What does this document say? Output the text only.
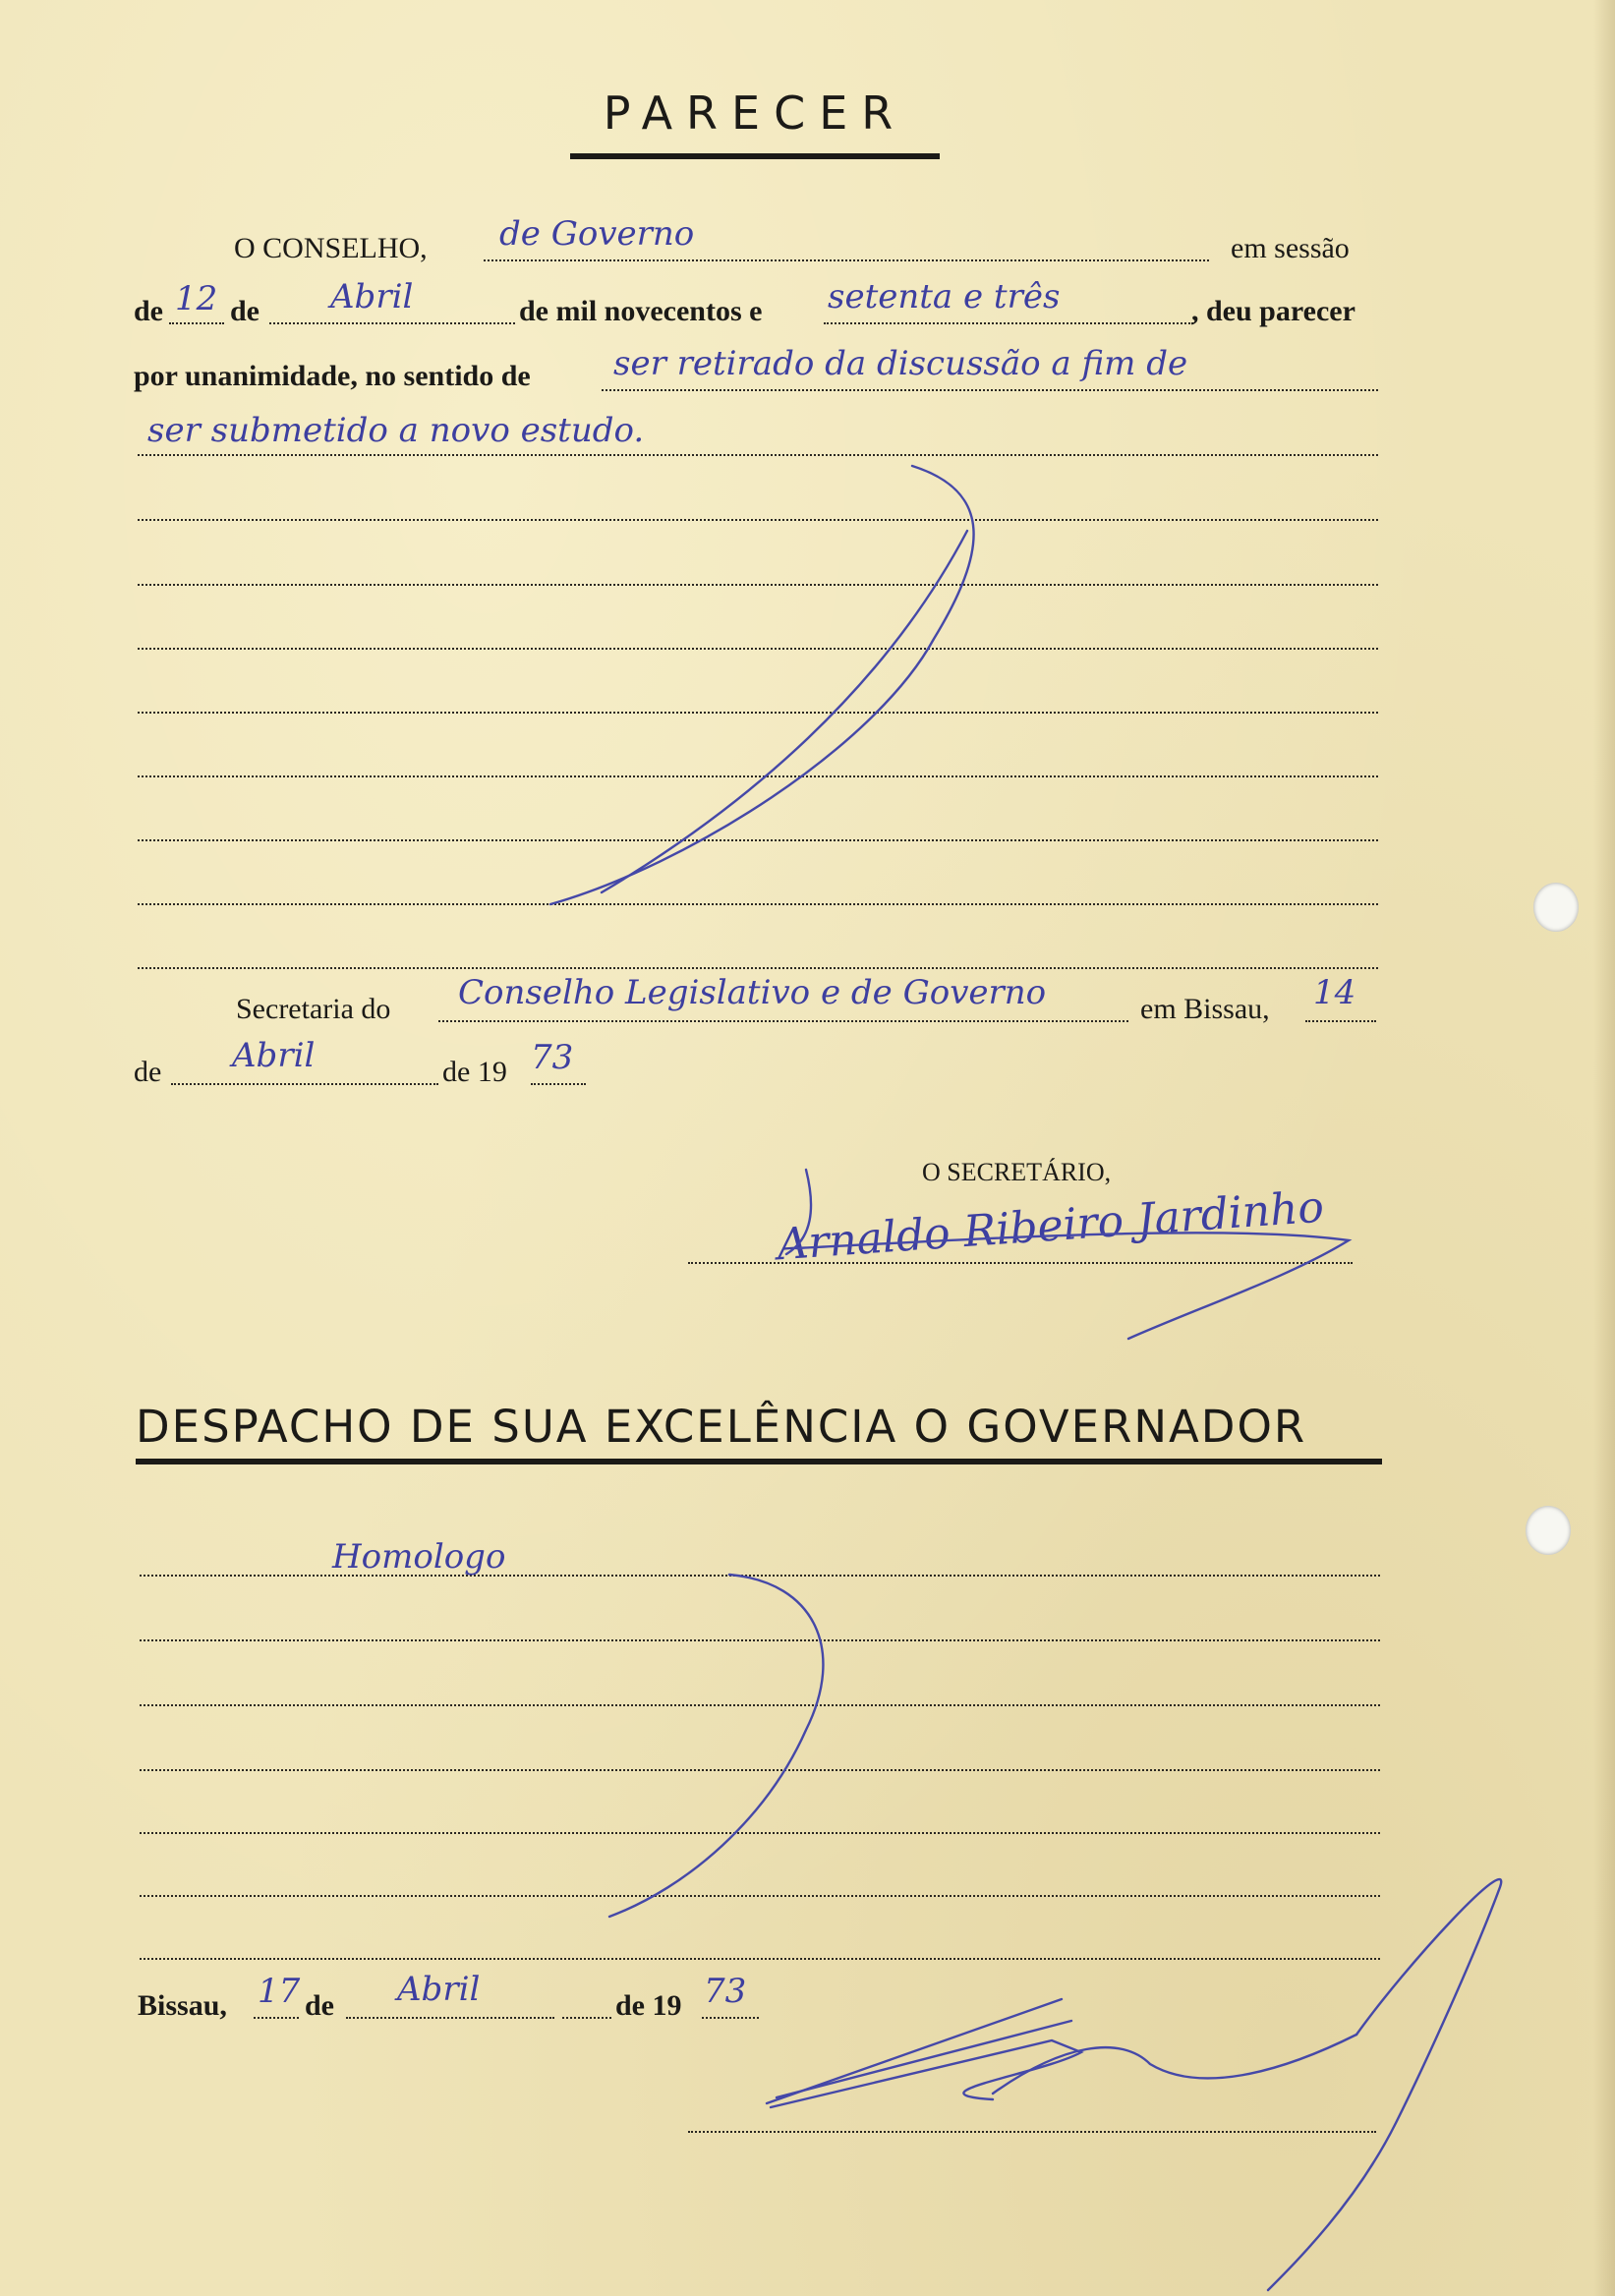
PARECER
O CONSELHO, de Governo	em sessão
de 12 de Abril	de mil novecentos e setenta e três	, deu parecer
por unanimidade, no sentido de ser retirado da discussão a fim de
ser submetido a novo estudo.
Secretaria do Conselho Legislativo e de Governo	em Bissau, 14
de Abril	de 19 73
O SECRETÁRIO,
Arnaldo Ribeiro Jardinho
DESPACHO DE SUA EXCELÊNCIA O GOVERNADOR
Homologo
Bissau, 17 de Abril	de 19 73
